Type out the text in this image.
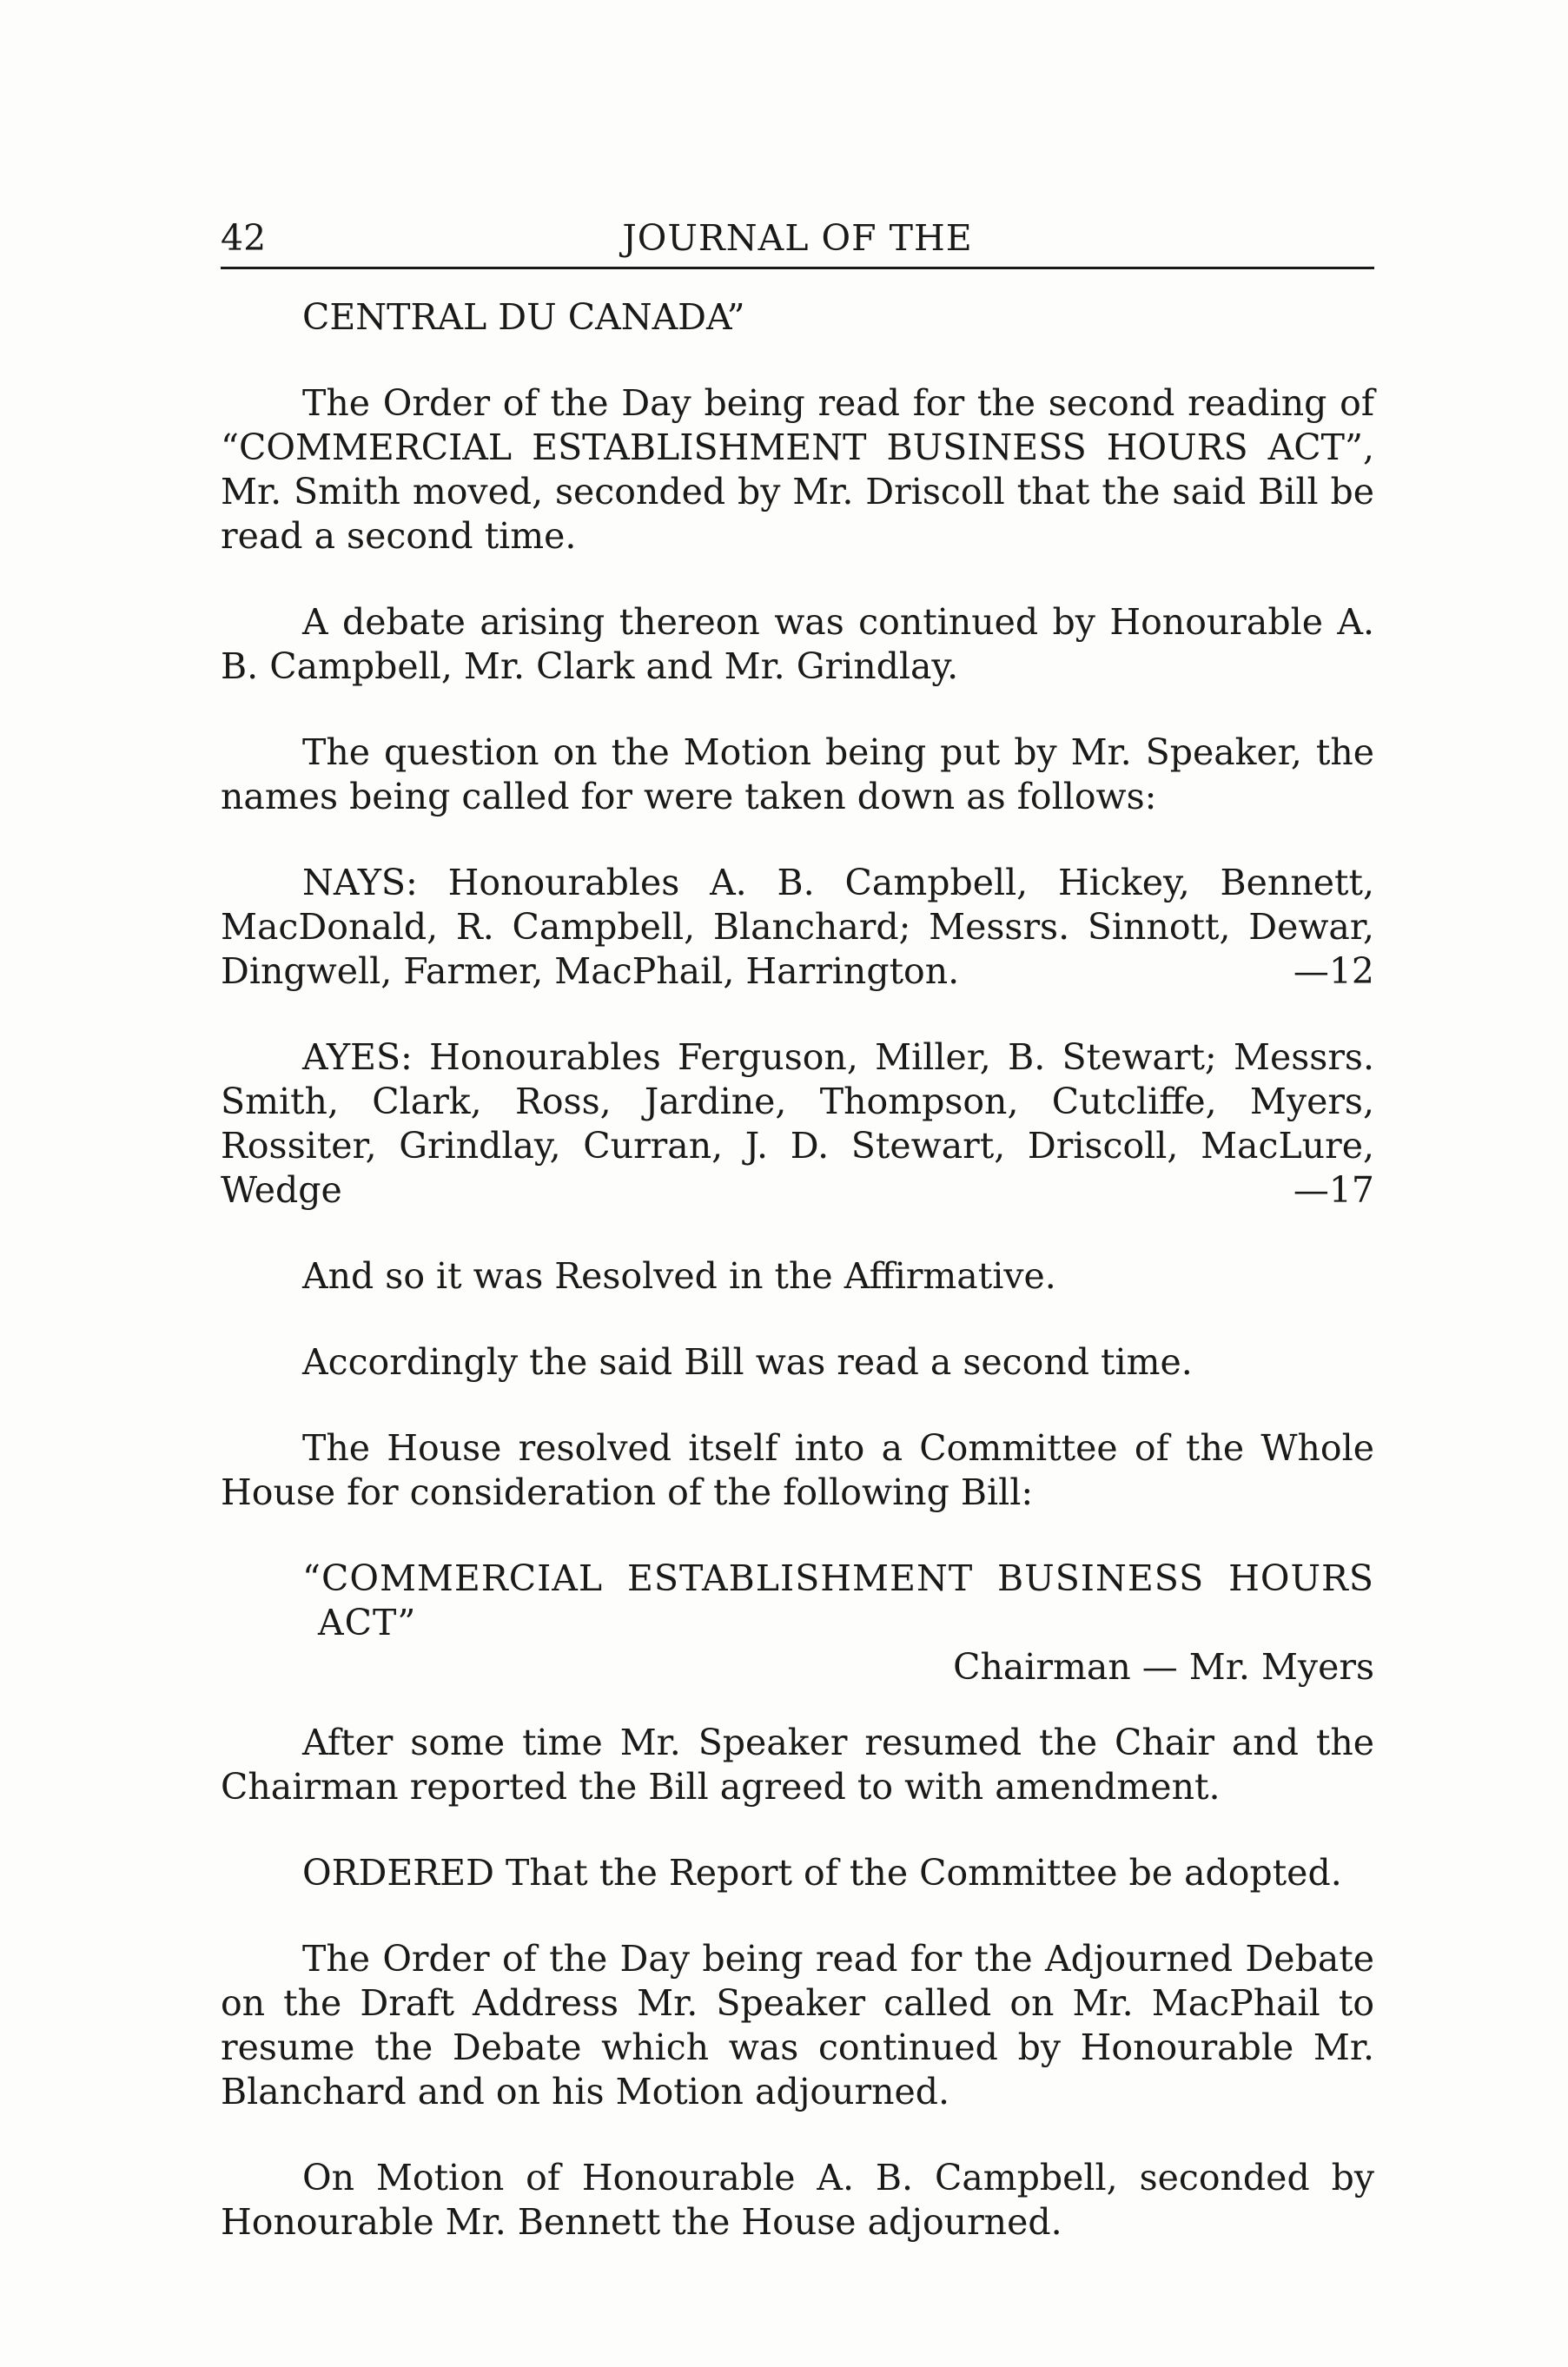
42	JOURNAL OF THE

CENTRAL DU CANADA”

The Order of the Day being read for the second reading of “COMMERCIAL ESTABLISHMENT BUSINESS HOURS ACT”, Mr. Smith moved, seconded by Mr. Driscoll that the said Bill be read a second time.

A debate arising thereon was continued by Honourable A. B. Campbell, Mr. Clark and Mr. Grindlay.

The question on the Motion being put by Mr. Speaker, the names being called for were taken down as follows:

NAYS: Honourables A. B. Campbell, Hickey, Bennett, MacDonald, R. Campbell, Blanchard; Messrs. Sinnott, Dewar, Dingwell, Farmer, MacPhail, Harrington.	—12

AYES: Honourables Ferguson, Miller, B. Stewart; Messrs. Smith, Clark, Ross, Jardine, Thompson, Cutcliffe, Myers, Rossiter, Grindlay, Curran, J. D. Stewart, Driscoll, MacLure, Wedge	—17

And so it was Resolved in the Affirmative.

Accordingly the said Bill was read a second time.

The House resolved itself into a Committee of the Whole House for consideration of the following Bill:

“COMMERCIAL ESTABLISHMENT BUSINESS HOURS
ACT”

Chairman — Mr. Myers

After some time Mr. Speaker resumed the Chair and the Chairman reported the Bill agreed to with amendment.

ORDERED That the Report of the Committee be adopted.

The Order of the Day being read for the Adjourned Debate on the Draft Address Mr. Speaker called on Mr. MacPhail to resume the Debate which was continued by Honourable Mr. Blanchard and on his Motion adjourned.

On Motion of Honourable A. B. Campbell, seconded by Honourable Mr. Bennett the House adjourned.
